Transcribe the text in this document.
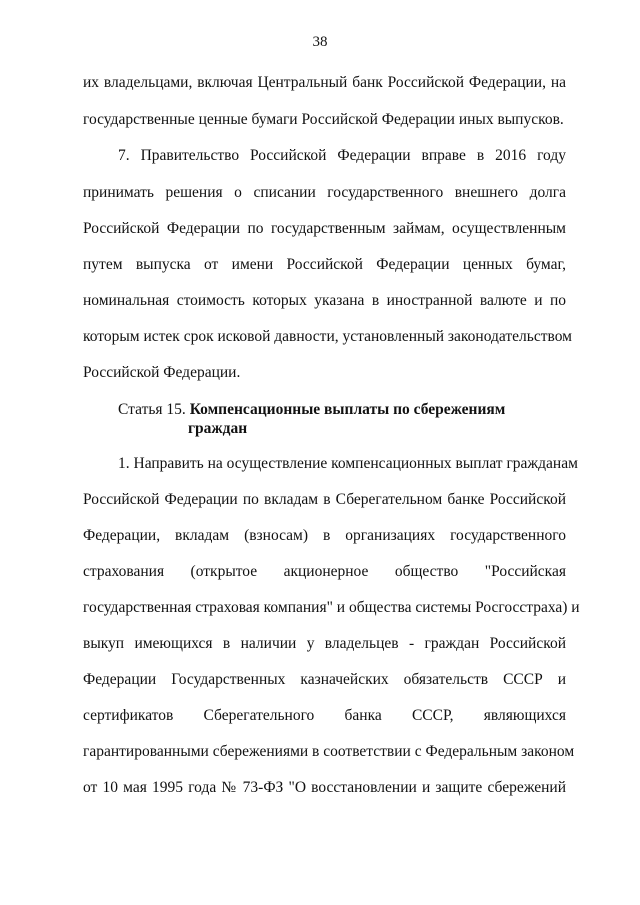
38
их владельцами, включая Центральный банк Российской Федерации, на
государственные ценные бумаги Российской Федерации иных выпусков.
7. Правительство Российской Федерации вправе в 2016 году
принимать решения о списании государственного внешнего долга
Российской Федерации по государственным займам, осуществленным
путем выпуска от имени Российской Федерации ценных бумаг,
номинальная стоимость которых указана в иностранной валюте и по
которым истек срок исковой давности, установленный законодательством
Российской Федерации.
Статья 15. Компенсационные выплаты по сбережениям
граждан
1. Направить на осуществление компенсационных выплат гражданам
Российской Федерации по вкладам в Сберегательном банке Российской
Федерации, вкладам (взносам) в организациях государственного
страхования (открытое акционерное общество "Российская
государственная страховая компания" и общества системы Росгосстраха) и
выкуп имеющихся в наличии у владельцев - граждан Российской
Федерации Государственных казначейских обязательств СССР и
сертификатов Сберегательного банка СССР, являющихся
гарантированными сбережениями в соответствии с Федеральным законом
от 10 мая 1995 года № 73-ФЗ "О восстановлении и защите сбережений
